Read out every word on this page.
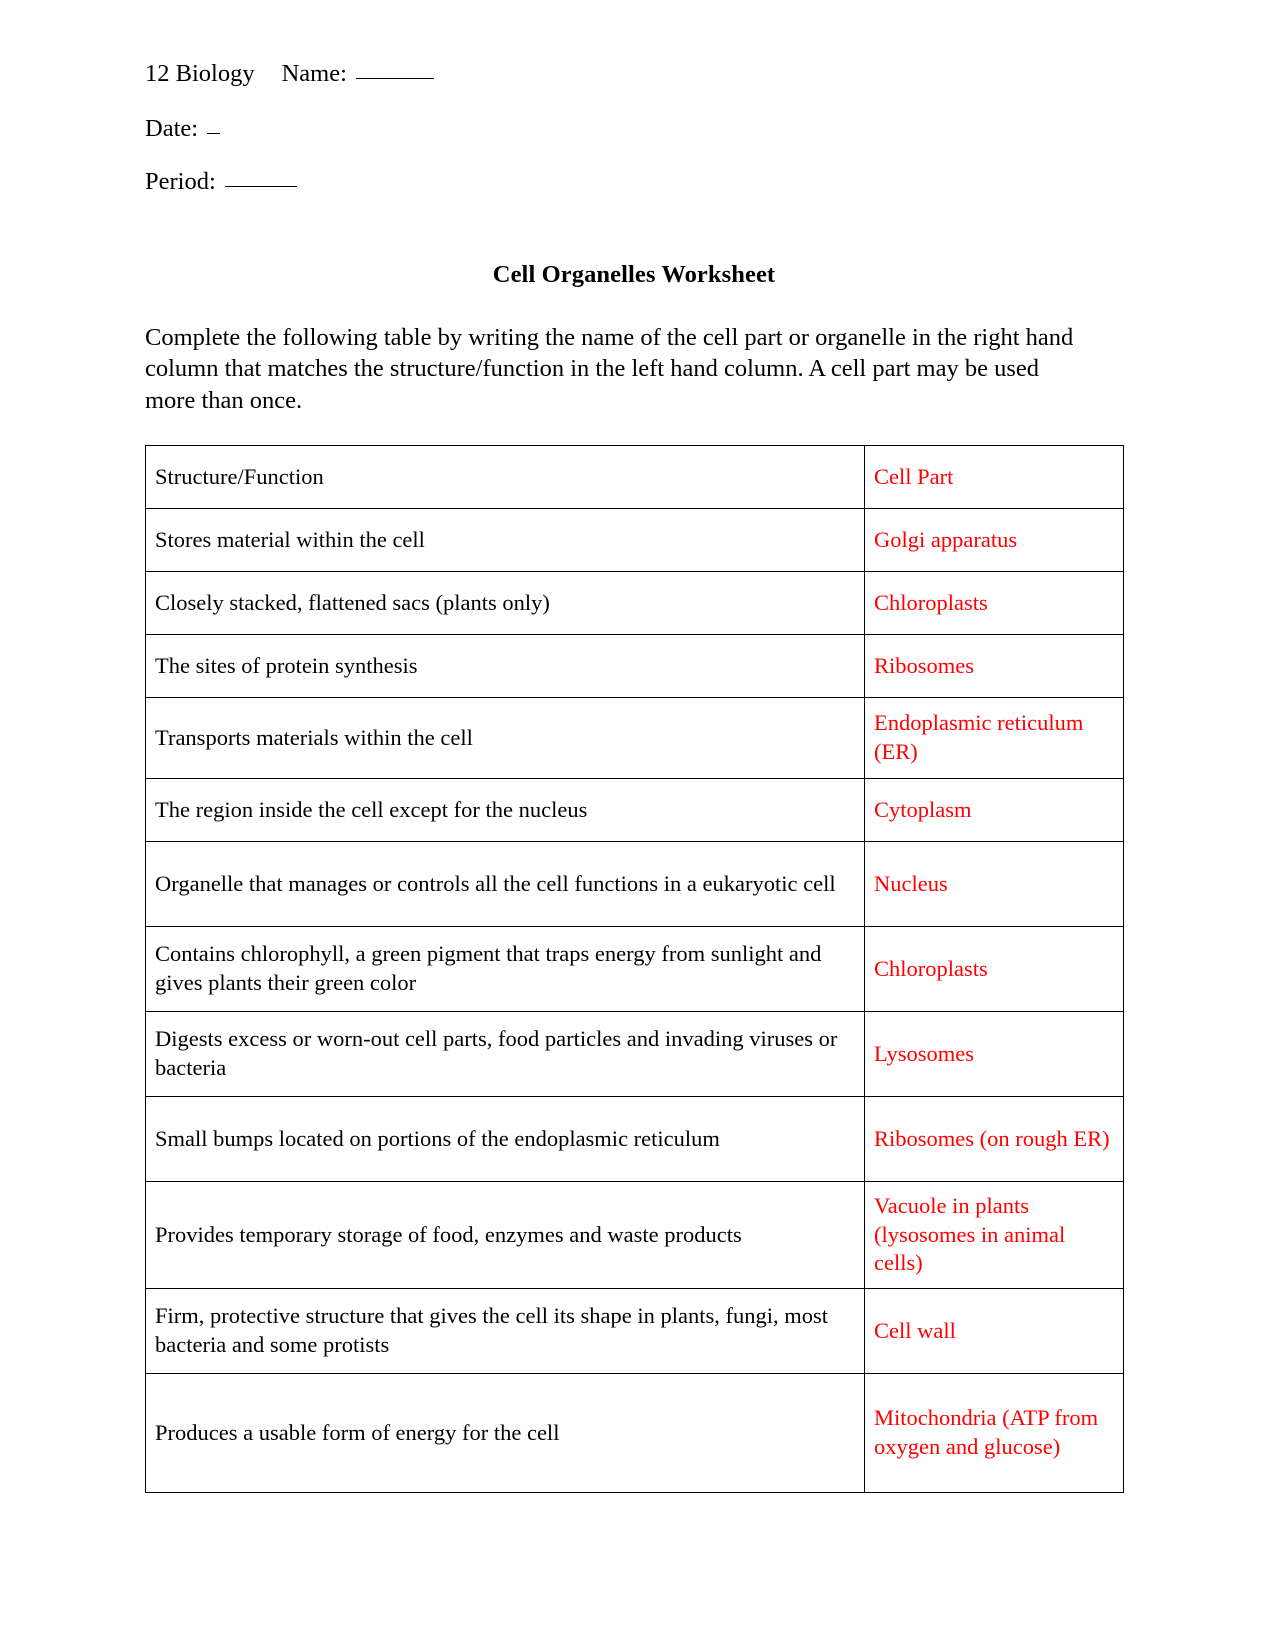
12 Biology Name:
Date:
Period:
Cell Organelles Worksheet

Complete the following table by writing the name of the cell part or organelle in the right hand column that matches the structure/function in the left hand column. A cell part may be used more than once.

Structure/Function	Cell Part
Stores material within the cell	Golgi apparatus
Closely stacked, flattened sacs (plants only)	Chloroplasts
The sites of protein synthesis	Ribosomes
Transports materials within the cell	Endoplasmic reticulum (ER)
The region inside the cell except for the nucleus	Cytoplasm
Organelle that manages or controls all the cell functions in a eukaryotic cell	Nucleus
Contains chlorophyll, a green pigment that traps energy from sunlight and gives plants their green color	Chloroplasts
Digests excess or worn-out cell parts, food particles and invading viruses or bacteria	Lysosomes
Small bumps located on portions of the endoplasmic reticulum	Ribosomes (on rough ER)
Provides temporary storage of food, enzymes and waste products	Vacuole in plants (lysosomes in animal cells)
Firm, protective structure that gives the cell its shape in plants, fungi, most bacteria and some protists	Cell wall
Produces a usable form of energy for the cell	Mitochondria (ATP from oxygen and glucose)
